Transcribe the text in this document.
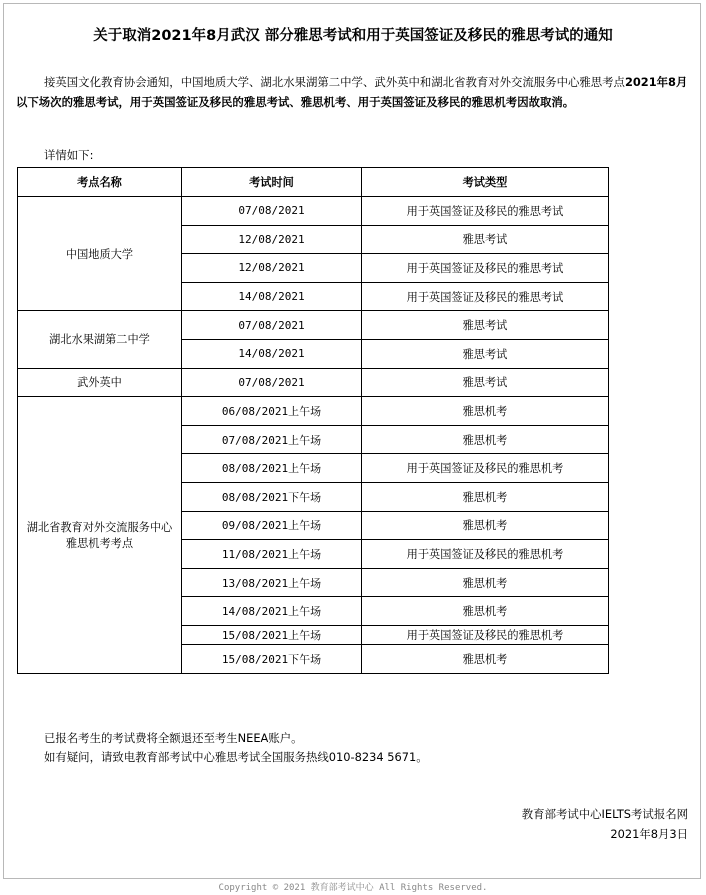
关于取消2021年8月武汉 部分雅思考试和用于英国签证及移民的雅思考试的通知
接英国文化教育协会通知，中国地质大学、湖北水果湖第二中学、武外英中和湖北省教育对外交流服务中心雅思考点2021年8月以下场次的雅思考试，用于英国签证及移民的雅思考试、雅思机考、用于英国签证及移民的雅思机考因故取消。
详情如下:
考点名称	考试时间	考试类型
中国地质大学	07/08/2021	用于英国签证及移民的雅思考试
	12/08/2021	雅思考试
	12/08/2021	用于英国签证及移民的雅思考试
	14/08/2021	用于英国签证及移民的雅思考试
湖北水果湖第二中学	07/08/2021	雅思考试
	14/08/2021	雅思考试
武外英中	07/08/2021	雅思考试
湖北省教育对外交流服务中心雅思机考考点	06/08/2021上午场	雅思机考
	07/08/2021上午场	雅思机考
	08/08/2021上午场	用于英国签证及移民的雅思机考
	08/08/2021下午场	雅思机考
	09/08/2021上午场	雅思机考
	11/08/2021上午场	用于英国签证及移民的雅思机考
	13/08/2021上午场	雅思机考
	14/08/2021上午场	雅思机考
	15/08/2021上午场	用于英国签证及移民的雅思机考
	15/08/2021下午场	雅思机考
已报名考生的考试费将全额退还至考生NEEA账户。
如有疑问，请致电教育部考试中心雅思考试全国服务热线010-8234 5671。
教育部考试中心IELTS考试报名网
2021年8月3日
Copyright © 2021 教育部考试中心 All Rights Reserved.
